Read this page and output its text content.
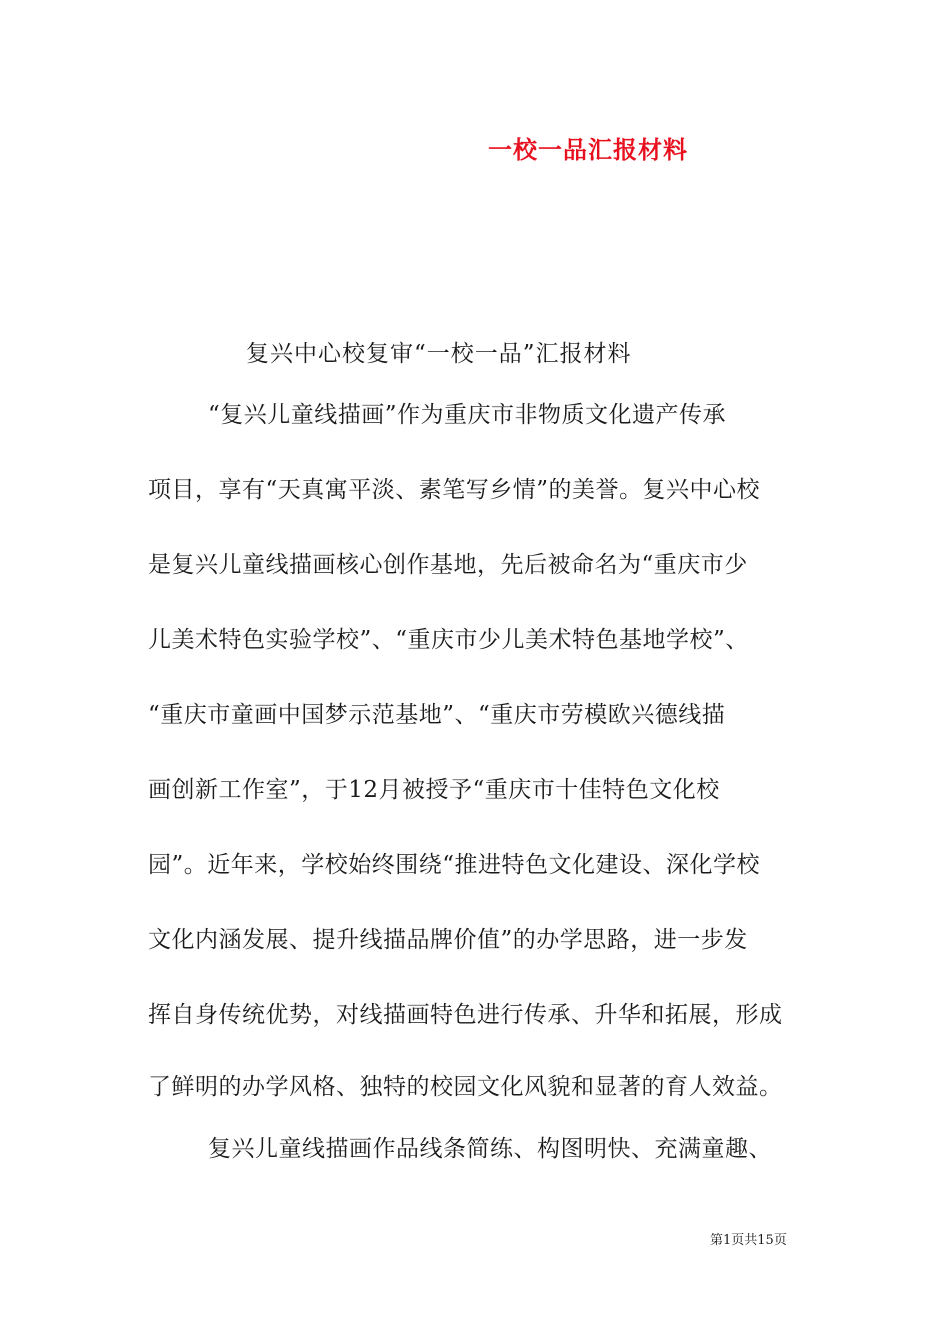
一校一品汇报材料
复兴中心校复审“一校一品”汇报材料
“复兴儿童线描画”作为重庆市非物质文化遗产传承
项目，享有“天真寓平淡、素笔写乡情”的美誉。复兴中心校
是复兴儿童线描画核心创作基地，先后被命名为“重庆市少
儿美术特色实验学校”、“重庆市少儿美术特色基地学校”、
“重庆市童画中国梦示范基地”、“重庆市劳模欧兴德线描
画创新工作室”，于12月被授予“重庆市十佳特色文化校
园”。近年来，学校始终围绕“推进特色文化建设、深化学校
文化内涵发展、提升线描品牌价值”的办学思路，进一步发
挥自身传统优势，对线描画特色进行传承、升华和拓展，形成
了鲜明的办学风格、独特的校园文化风貌和显著的育人效益。
复兴儿童线描画作品线条简练、构图明快、充满童趣、
第1页共15页
